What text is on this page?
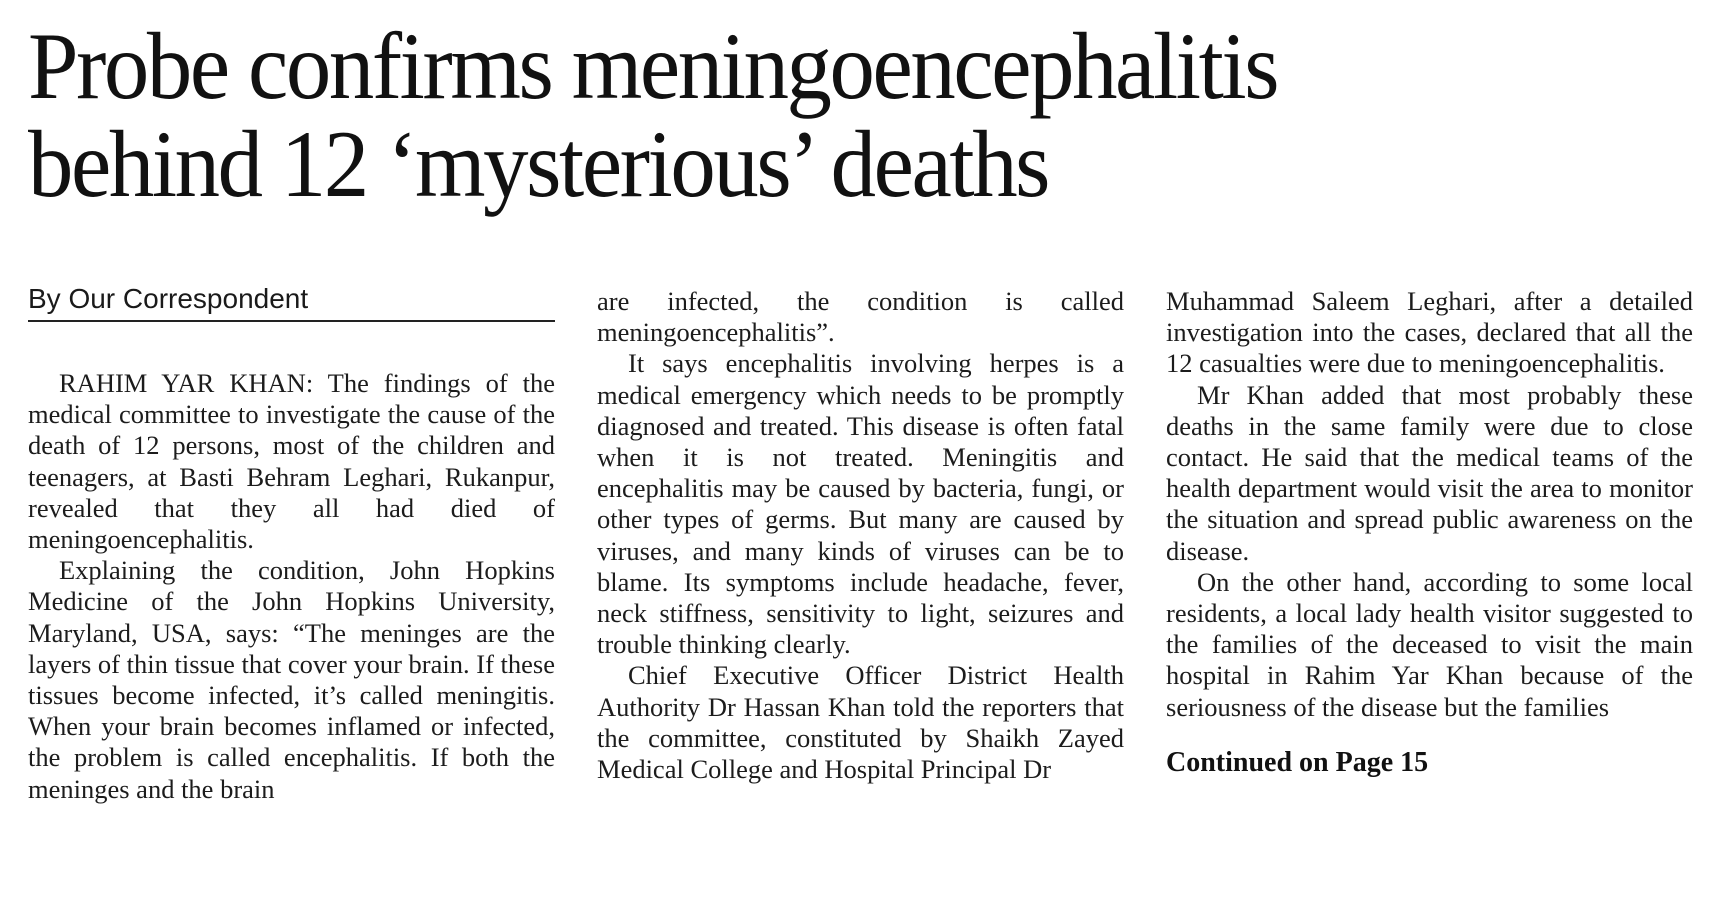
Probe confirms meningoencephalitis
behind 12 ‘mysterious’ deaths
By Our Correspondent

RAHIM YAR KHAN: The findings of the medical committee to investigate the cause of the death of 12 persons, most of the children and teenagers, at Basti Behram Leghari, Rukanpur, revealed that they all had died of meningoencephalitis.

Explaining the condition, John Hopkins Medicine of the John Hopkins University, Maryland, USA, says: “The meninges are the layers of thin tissue that cover your brain. If these tissues become infected, it’s called meningitis. When your brain becomes inflamed or infected, the problem is called encephalitis. If both the meninges and the brain

are infected, the condition is called meningoencephalitis”.

It says encephalitis involving herpes is a medical emergency which needs to be promptly diagnosed and treated. This disease is often fatal when it is not treated. Meningitis and encephalitis may be caused by bacteria, fungi, or other types of germs. But many are caused by viruses, and many kinds of viruses can be to blame. Its symptoms include headache, fever, neck stiffness, sensitivity to light, seizures and trouble thinking clearly.

Chief Executive Officer District Health Authority Dr Hassan Khan told the reporters that the committee, constituted by Shaikh Zayed Medical College and Hospital Principal Dr

Muhammad Saleem Leghari, after a detailed investigation into the cases, declared that all the 12 casualties were due to meningoencephalitis.

Mr Khan added that most probably these deaths in the same family were due to close contact. He said that the medical teams of the health department would visit the area to monitor the situation and spread public awareness on the disease.

On the other hand, according to some local residents, a local lady health visitor suggested to the families of the deceased to visit the main hospital in Rahim Yar Khan because of the seriousness of the disease but the families

Continued on Page 15
